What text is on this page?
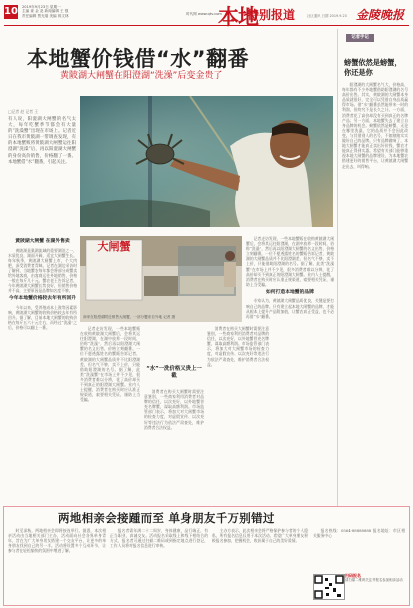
10 2019年9月23日 星期一
主编 姜 金 尧 新闻编辑 王 强
责任编辑 贾光瑞 美编 蒋文林	时代网 www.qtv.com
本地
特别报道	社区通讯 日期 2019.9.23 金陵晚报
本地蟹价钱借“水”翻番
黄陂湖大闸蟹在阳澄湖“洗澡”后变金贵了
□记者 赵 记者 王
有人说，阳澄湖大闸蟹的名气太大，每年吃蟹季节都会有大量的“洗澡蟹”出现在市场上。记者近日在我市黄陂湖一带调查发现，有的本地蟹贩将黄陂湖大闸蟹运往阳澄湖“洗澡”后，再以阳澄湖大闸蟹的身份高价销售，价格翻了一番。本地蟹借“水”翻番，引起关注。

黄陂湖大闸蟹 在湖外售卖

黄陂湖是巢湖流域的重要湖泊之一，水质优良，湖面开阔，适宜大闸蟹生长。每年秋季，黄陂湖大闸蟹上市，个大肉肥，深受消费者青睐。记者在湖边采访时了解到，当地蟹农每年都会将部分成蟹卖给外地客商，由客商运往外地销售，价格一般在每斤几十元。蟹农老王告诉记者，今年黄陂湖大闸蟹长势良好，但销售价格并不高，主要原因是品牌知名度不够。

今年本地蟹价格较去年有所回升

今年以来，受养殖成本上涨等因素影响，黄陂湖大闸蟹的收购价格较去年有所回升。据了解，目前本地大闸蟹的收购价格在每斤五六十元左右，而经过“洗澡”之后，价格可以翻上一番。

大闸蟹
商家在阳澄湖附近销售大闸蟹，一部分蟹来自外地 记者 摄

记者走访发现，一些本地蟹贩在收购黄陂湖大闸蟹后，会将其运往阳澄湖，在湖中放养一段时间，俗称“洗澡”，然后再以阳澄湖大闸蟹的名义出售，价格立刻翻番。一位不愿透露姓名的蟹贩告诉记者，黄陂湖的大闸蟹品质并不比阳澄湖差，但名气不够，卖不上价，只能借助阳澄湖的名号。据了解，此类“洗澡蟹”在市场上并不少见，很多消费者难以分辨，花了高价却买不到真正的阳澄湖大闸蟹。业内人士提醒，消费者在购买时应认准正规渠道，索要相关凭证，谨防上当受骗。

“水”一洗价格又贵上一截

消费者在购买大闸蟹时需要注意鉴别，一些商家利用消费者对品牌的信任，以次充好，以外地蟹冒充名牌蟹，谋取高额利润。市场监管部门表示，将加大对大闸蟹市场的检查力度，对虚假宣传、以次充好等违法行为依法严肃查处，维护消费者合法权益。

消费者在购买大闸蟹时需要注意鉴别，一些商家利用消费者对品牌的信任，以次充好，以外地蟹冒充名牌蟹，谋取高额利润。市场监管部门表示，将加大对大闸蟹市场的检查力度，对虚假宣传、以次充好等违法行为依法严肃查处，维护消费者合法权益。

记者走访发现，一些本地蟹贩在收购黄陂湖大闸蟹后，会将其运往阳澄湖，在湖中放养一段时间，俗称“洗澡”，然后再以阳澄湖大闸蟹的名义出售，价格立刻翻番。一位不愿透露姓名的蟹贩告诉记者，黄陂湖的大闸蟹品质并不比阳澄湖差，但名气不够，卖不上价，只能借助阳澄湖的名号。据了解，此类“洗澡蟹”在市场上并不少见，很多消费者难以分辨，花了高价却买不到真正的阳澄湖大闸蟹。业内人士提醒，消费者在购买时应认准正规渠道，索要相关凭证，谨防上当受骗。

如何打造本地蟹的品牌

专家认为，黄陂湖大闸蟹品质优良，关键是要打响自己的品牌。只有建立起本地大闸蟹的品牌，才能从根本上提升产品附加值，让蟹农真正受益，也不必再借“水”翻番。

记者手记
螃蟹依然是螃蟹，你还是你

阳澄湖的大闸蟹名气大，价格高，每年都有不少外地蟹借助阳澄湖的名号高价出售。其实，黄陂湖的大闸蟹本身品质就很好，完全可以凭借自身品质赢得市场。借“水”翻番虽然能带来一时的利润，但终究不是长久之计。一方面，消费者花了高价却没有买到真正的名牌产品；另一方面，本地蟹失去了建立自身品牌的机会。螃蟹依然是螃蟹，无论在哪里洗澡，它的品质并不会因此改变。与其借别人的名号，不如踏踏实实做好自己的品牌。只有品牌做响了，本地大闸蟹才能真正卖出好价钱，蟹农才能真正得到实惠。希望有关部门能够重视本地大闸蟹的品牌建设，为本地蟹农搭建更好的销售平台，让黄陂湖大闸蟹走出去，叫得响。

两地相亲会接踵而至 单身朋友千万别错过

时至深秋，两地相亲会即将接连举行。据悉，本次相亲活动由当地相关部门主办，活动面向社会各界单身青年，旨在为广大单身男女搭建一个交友平台，让更多的单身朋友找到自己的另一半。活动将设置多个互动环节，让参与者在轻松愉快的氛围中增进了解。

报名者需年满二十二周岁，身体健康，品行端正，有正当职业，真诚交友。活动报名采取线上和线下相结合的方式，报名者可通过扫描二维码或到指定地点进行登记，工作人员将对报名信息进行审核。

主办方表示，此次相亲会将严格保护参与者的个人隐私，所有报名信息仅用于本次活动。希望广大单身朋友积极报名参加，把握机会，收获属于自己的美好爱情。

报名热线：0564-88888888 报名地址：市区相关服务中心

扫码报名
请扫描二维码关注并报名参加相亲活动
